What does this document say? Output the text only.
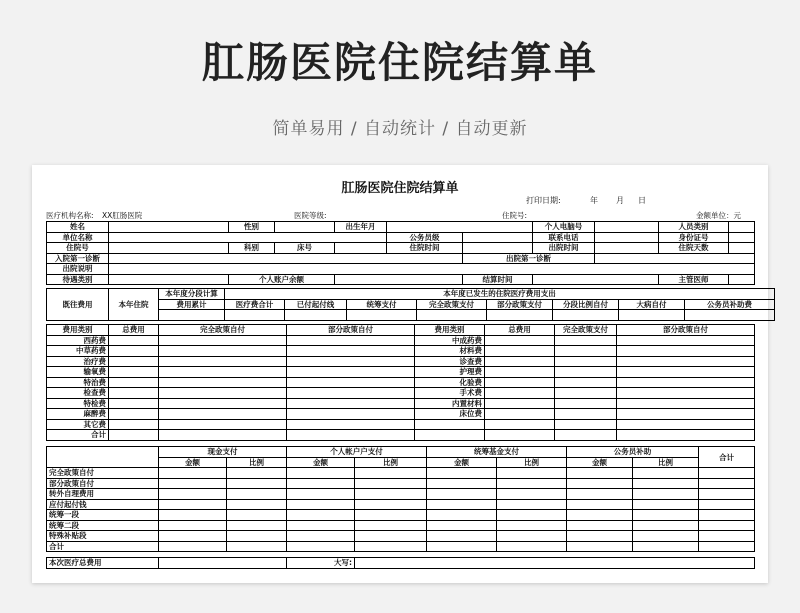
肛肠医院住院结算单
简单易用 / 自动统计 / 自动更新
肛肠医院住院结算单
打印日期:	年 月 日
医疗机构名称: XX肛肠医院	医院等级:	住院号:	金额单位：元
姓名		性别		出生年月			个人电脑号		人员类别	
单位名称					公务员级		联系电话		身份证号	
住院号		科别	床号		住院时间		出院时间		住院天数	
入院第一诊断						出院第一诊断				
出院说明										
待遇类别		个人账户余额				结算时间			主管医师	
既往费用	本年住院	本年度分段计算	本年度已发生的住院医疗费用支出							
		费用累计	医疗费合计	已付起付线	统筹支付	完全政策支付	部分政策支付	分段比例自付	大病自付	公务员补助费

费用类别	总费用	完全政策自付	部分政策自付	费用类别	总费用	完全政策支付	部分政策自付
西药费				中成药费			
中草药费				材料费			
治疗费				诊查费			
输氧费				护理费			
特治费				化验费			
检查费				手术费			
特检费				内置材料			
麻醉费				床位费			
其它费							
合计							
	现金支付		个人帐户户支付		统筹基金支付		公务员补助		合计
	金额	比例	金额	比例	金额	比例	金额	比例	
完全政策自付									
部分政策自付									
转外自理费用									
应付起付钱									
统筹一段									
统筹二段									
特殊补贴段									
合计									
本次医疗总费用		大写:	
